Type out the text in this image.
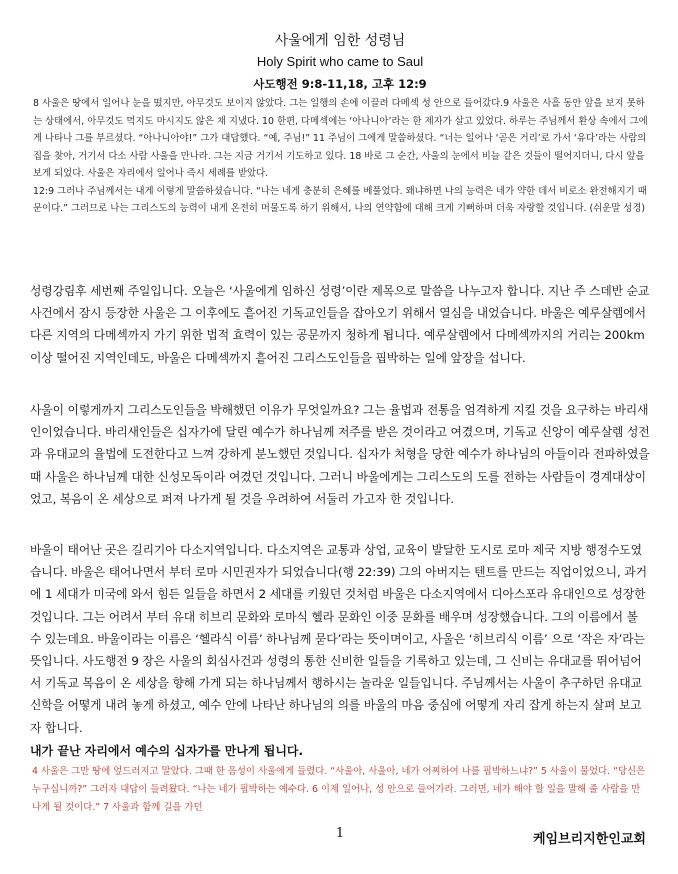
사울에게 임한 성령님
Holy Spirit who came to Saul
사도행전 9:8-11,18, 고후 12:9

8 사울은 땅에서 일어나 눈을 떴지만, 아무것도 보이지 않았다. 그는 일행의 손에 이끌려 다메섹 성 안으로 들어갔다.9 사울은 사흘 동안 앞을 보지 못하는 상태에서, 아무것도 먹지도 마시지도 않은 채 지냈다. 10 한편, 다메섹에는 ‘아나니아’라는 한 제자가 살고 있었다. 하루는 주님께서 환상 속에서 그에게 나타나 그를 부르셨다. “아나니아야!” 그가 대답했다. “예, 주님!” 11 주님이 그에게 말씀하셨다. “너는 일어나 ‘곧은 거리’로 가서 ‘유다’라는 사람의 집을 찾아, 거기서 다소 사람 사울을 만나라. 그는 지금 거기서 기도하고 있다. 18 바로 그 순간, 사울의 눈에서 비늘 같은 것들이 떨어지더니, 다시 앞을 보게 되었다. 사울은 자리에서 일어나 즉시 세례를 받았다.

12:9 그러나 주님께서는 내게 이렇게 말씀하셨습니다. “나는 네게 충분히 은혜를 베풀었다. 왜냐하면 나의 능력은 네가 약한 데서 비로소 완전해지기 때문이다.” 그러므로 나는 그리스도의 능력이 내게 온전히 머물도록 하기 위해서, 나의 연약함에 대해 크게 기뻐하며 더욱 자랑할 것입니다. (쉬운말 성경)

성령강림후 세번째 주일입니다. 오늘은 ‘사울에게 임하신 성령’이란 제목으로 말씀을 나누고자 합니다. 지난 주 스데반 순교 사건에서 잠시 등장한 사울은 그 이후에도 흩어진 기독교인들을 잡아오기 위해서 열심을 내었습니다. 바울은 예루살렘에서 다른 지역의 다메섹까지 가기 위한 법적 효력이 있는 공문까지 청하게 됩니다. 예루살렘에서 다메섹까지의 거리는 200km 이상 떨어진 지역인데도, 바울은 다메섹까지 흩어진 그리스도인들을 핍박하는 일에 앞장을 섭니다.

사울이 이렇게까지 그리스도인들을 박해했던 이유가 무엇일까요? 그는 율법과 전통을 엄격하게 지킬 것을 요구하는 바리새인이었습니다. 바리새인들은 십자가에 달린 예수가 하나님께 저주를 받은 것이라고 여겼으며, 기독교 신앙이 예루살렘 성전과 유대교의 율법에 도전한다고 느껴 강하게 분노했던 것입니다. 십자가 처형을 당한 예수가 하나님의 아들이라 전파하였을때 사울은 하나님께 대한 신성모독이라 여겼던 것입니다. 그러니 바울에게는 그리스도의 도를 전하는 사람들이 경계대상이었고, 복음이 온 세상으로 퍼져 나가게 될 것을 우려하여 서둘러 가고자 한 것입니다.

바울이 태어난 곳은 길리기아 다소지역입니다. 다소지역은 교통과 상업, 교육이 발달한 도시로 로마 제국 지방 행정수도였습니다. 바울은 태어나면서 부터 로마 시민권자가 되었습니다(행 22:39) 그의 아버지는 텐트를 만드는 직업이었으니, 과거에 1 세대가 미국에 와서 힘든 일들을 하면서 2 세대를 키웠던 것처럼 바울은 다소지역에서 디아스포라 유대인으로 성장한 것입니다. 그는 어려서 부터 유대 히브리 문화와 로마식 헬라 문화인 이중 문화를 배우며 성장했습니다. 그의 이름에서 볼 수 있는데요. 바울이라는 이름은 ‘헬라식 이름’ 하나님께 묻다’라는 뜻이며이고, 사울은 ‘히브리식 이름’ 으로 ‘작은 자’라는 뜻입니다. 사도행전 9 장은 사울의 회심사건과 성령의 통한 신비한 일들을 기록하고 있는데, 그 신비는 유대교를 뛰어넘어서 기독교 복음이 온 세상을 향해 가게 되는 하나님께서 행하시는 놀라운 일들입니다. 주님께서는 사울이 추구하던 유대교 신학을 어떻게 내려 놓게 하셨고, 예수 안에 나타난 하나님의 의를 바울의 마음 중심에 어떻게 자리 잡게 하는지 살펴 보고자 합니다.

내가 끝난 자리에서 예수의 십자가를 만나게 됩니다.

4 사울은 그만 땅에 엎드러지고 말았다. 그때 한 음성이 사울에게 들렸다. “사울아, 사울아, 네가 어찌하여 나를 핍박하느냐?” 5 사울이 물었다. “당신은 누구십니까?” 그러자 대답이 들려왔다. “나는 네가 핍박하는 예수다. 6 이제 일어나, 성 안으로 들어가라. 그러면, 네가 해야 할 일을 말해 줄 사람을 만나게 될 것이다.” 7 사울과 함께 길을 가던

1	케임브리지한인교회
